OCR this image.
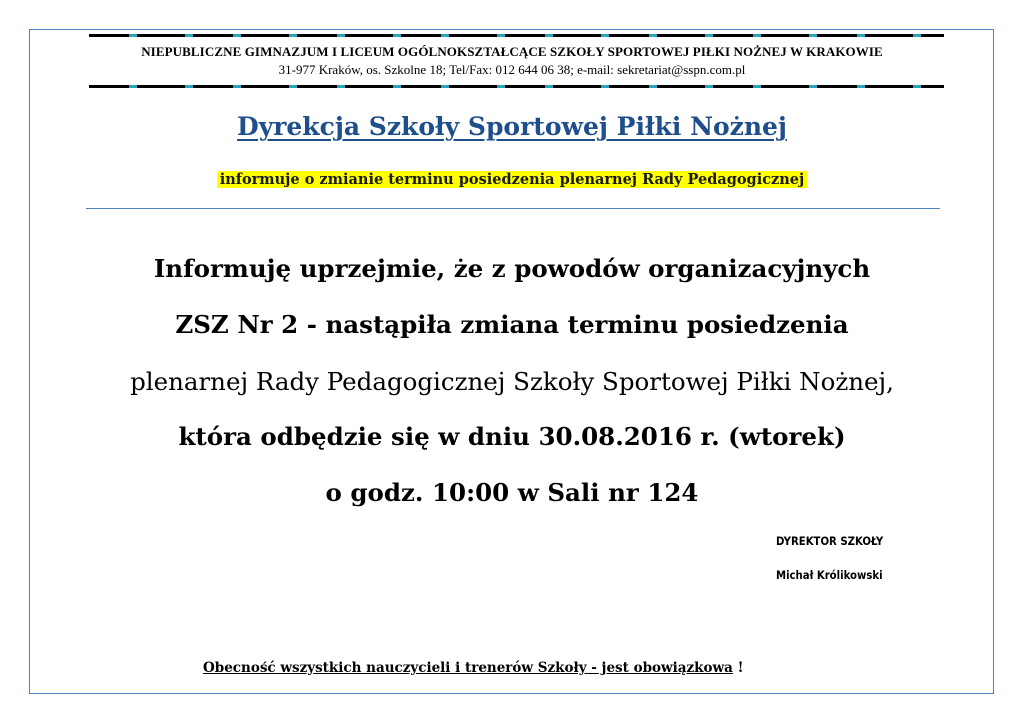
NIEPUBLICZNE GIMNAZJUM I LICEUM OGÓLNOKSZTAŁCĄCE SZKOŁY SPORTOWEJ PIŁKI NOŻNEJ W KRAKOWIE
31-977 Kraków, os. Szkolne 18; Tel/Fax: 012 644 06 38; e-mail: sekretariat@sspn.com.pl
Dyrekcja Szkoły Sportowej Piłki Nożnej
informuje o zmianie terminu posiedzenia plenarnej Rady Pedagogicznej
Informuję uprzejmie, że z powodów organizacyjnych
ZSZ Nr 2 - nastąpiła zmiana terminu posiedzenia
plenarnej Rady Pedagogicznej Szkoły Sportowej Piłki Nożnej,
która odbędzie się w dniu 30.08.2016 r. (wtorek)
o godz. 10:00 w Sali nr 124
DYREKTOR SZKOŁY
Michał Królikowski
Obecność wszystkich nauczycieli i trenerów Szkoły - jest obowiązkowa !
